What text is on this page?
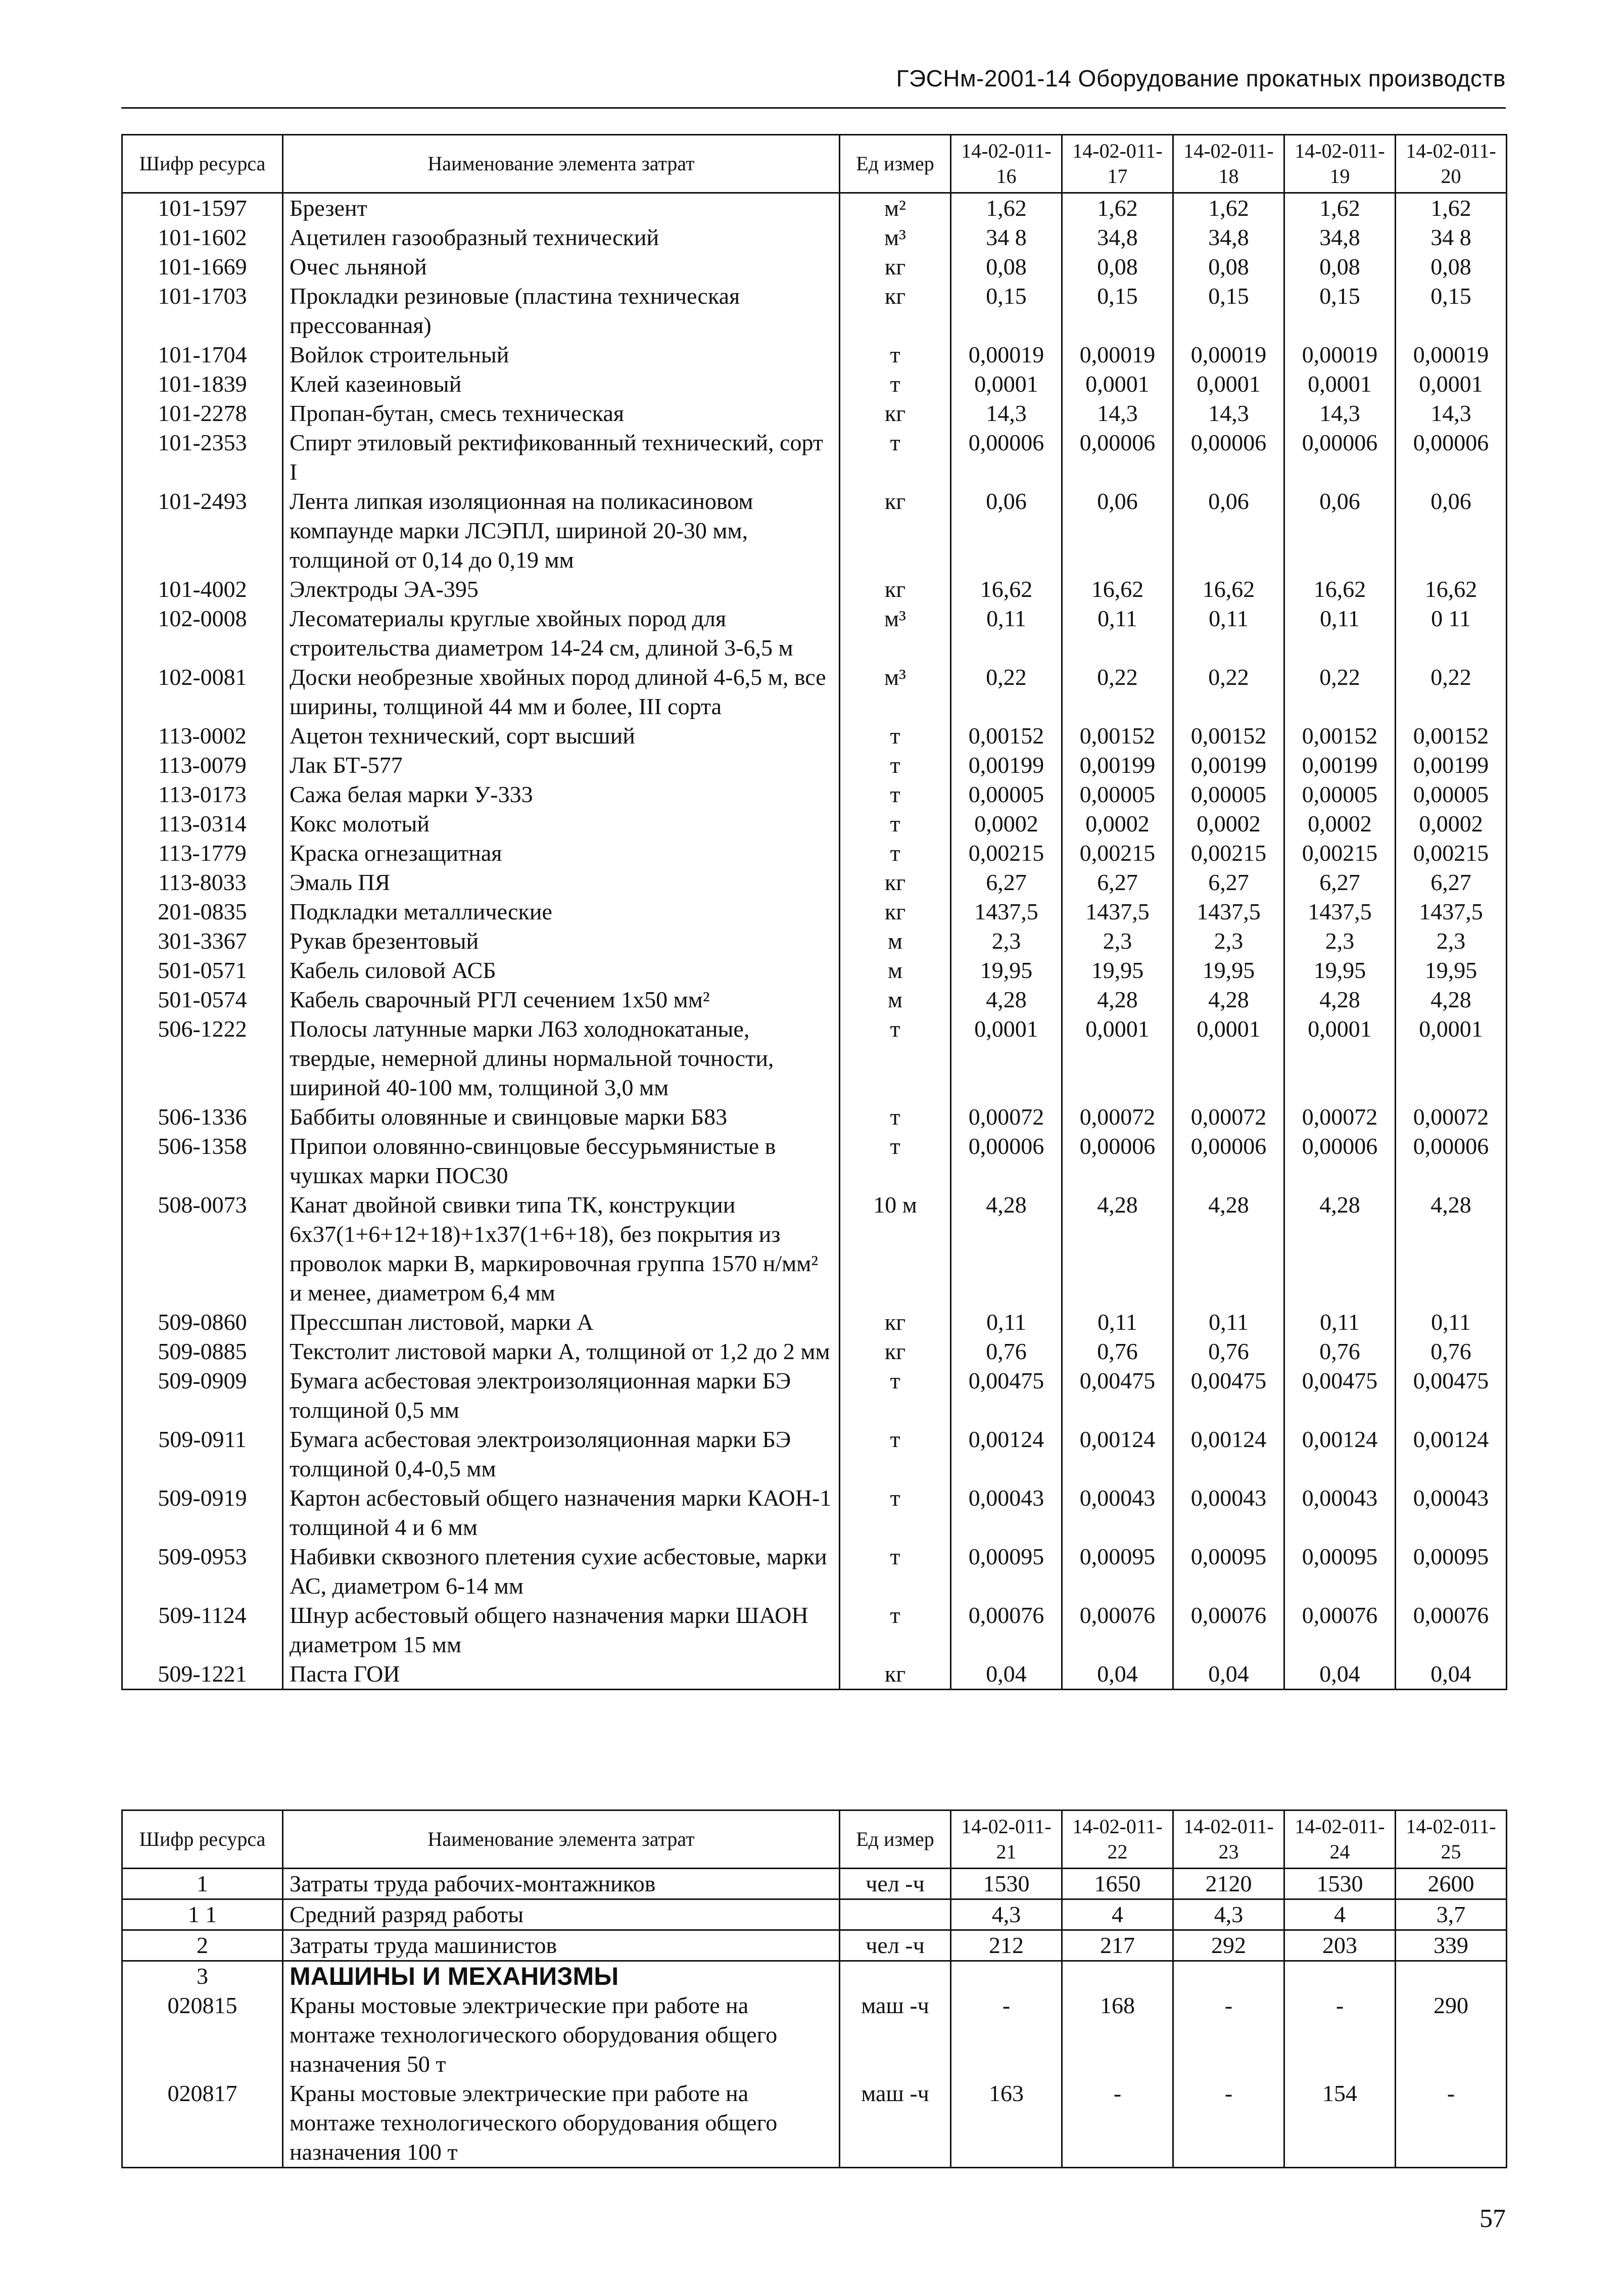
ГЭСНм-2001-14 Оборудование прокатных производств
Шифр ресурса	Наименование элемента затрат	Ед измер	14-02-011-16	14-02-011-17	14-02-011-18	14-02-011-19	14-02-011-20
101-1597	Брезент	м²	1,62	1,62	1,62	1,62	1,62
101-1602	Ацетилен газообразный технический	м³	34 8	34,8	34,8	34,8	34 8
101-1669	Очес льняной	кг	0,08	0,08	0,08	0,08	0,08
101-1703	Прокладки резиновые (пластина техническая прессованная)	кг	0,15	0,15	0,15	0,15	0,15
101-1704	Войлок строительный	т	0,00019	0,00019	0,00019	0,00019	0,00019
101-1839	Клей казеиновый	т	0,0001	0,0001	0,0001	0,0001	0,0001
101-2278	Пропан-бутан, смесь техническая	кг	14,3	14,3	14,3	14,3	14,3
101-2353	Спирт этиловый ректификованный технический, сорт I	т	0,00006	0,00006	0,00006	0,00006	0,00006
101-2493	Лента липкая изоляционная на поликасиновом компаунде марки ЛСЭПЛ, шириной 20-30 мм, толщиной от 0,14 до 0,19 мм	кг	0,06	0,06	0,06	0,06	0,06
101-4002	Электроды ЭА-395	кг	16,62	16,62	16,62	16,62	16,62
102-0008	Лесоматериалы круглые хвойных пород для строительства диаметром 14-24 см, длиной 3-6,5 м	м³	0,11	0,11	0,11	0,11	0 11
102-0081	Доски необрезные хвойных пород длиной 4-6,5 м, все ширины, толщиной 44 мм и более, III сорта	м³	0,22	0,22	0,22	0,22	0,22
113-0002	Ацетон технический, сорт высший	т	0,00152	0,00152	0,00152	0,00152	0,00152
113-0079	Лак БТ-577	т	0,00199	0,00199	0,00199	0,00199	0,00199
113-0173	Сажа белая марки У-333	т	0,00005	0,00005	0,00005	0,00005	0,00005
113-0314	Кокс молотый	т	0,0002	0,0002	0,0002	0,0002	0,0002
113-1779	Краска огнезащитная	т	0,00215	0,00215	0,00215	0,00215	0,00215
113-8033	Эмаль ПЯ	кг	6,27	6,27	6,27	6,27	6,27
201-0835	Подкладки металлические	кг	1437,5	1437,5	1437,5	1437,5	1437,5
301-3367	Рукав брезентовый	м	2,3	2,3	2,3	2,3	2,3
501-0571	Кабель силовой АСБ	м	19,95	19,95	19,95	19,95	19,95
501-0574	Кабель сварочный РГЛ сечением 1х50 мм²	м	4,28	4,28	4,28	4,28	4,28
506-1222	Полосы латунные марки Л63 холоднокатаные, твердые, немерной длины нормальной точности, шириной 40-100 мм, толщиной 3,0 мм	т	0,0001	0,0001	0,0001	0,0001	0,0001
506-1336	Баббиты оловянные и свинцовые марки Б83	т	0,00072	0,00072	0,00072	0,00072	0,00072
506-1358	Припои оловянно-свинцовые бессурьмянистые в чушках марки ПОС30	т	0,00006	0,00006	0,00006	0,00006	0,00006
508-0073	Канат двойной свивки типа ТК, конструкции 6х37(1+6+12+18)+1х37(1+6+18), без покрытия из проволок марки В, маркировочная группа 1570 н/мм² и менее, диаметром 6,4 мм	10 м	4,28	4,28	4,28	4,28	4,28
509-0860	Прессшпан листовой, марки А	кг	0,11	0,11	0,11	0,11	0,11
509-0885	Текстолит листовой марки А, толщиной от 1,2 до 2 мм	кг	0,76	0,76	0,76	0,76	0,76
509-0909	Бумага асбестовая электроизоляционная марки БЭ толщиной 0,5 мм	т	0,00475	0,00475	0,00475	0,00475	0,00475
509-0911	Бумага асбестовая электроизоляционная марки БЭ толщиной 0,4-0,5 мм	т	0,00124	0,00124	0,00124	0,00124	0,00124
509-0919	Картон асбестовый общего назначения марки КАОН-1 толщиной 4 и 6 мм	т	0,00043	0,00043	0,00043	0,00043	0,00043
509-0953	Набивки сквозного плетения сухие асбестовые, марки АС, диаметром 6-14 мм	т	0,00095	0,00095	0,00095	0,00095	0,00095
509-1124	Шнур асбестовый общего назначения марки ШАОН диаметром 15 мм	т	0,00076	0,00076	0,00076	0,00076	0,00076
509-1221	Паста ГОИ	кг	0,04	0,04	0,04	0,04	0,04
Шифр ресурса	Наименование элемента затрат	Ед измер	14-02-011-21	14-02-011-22	14-02-011-23	14-02-011-24	14-02-011-25
1	Затраты труда рабочих-монтажников	чел -ч	1530	1650	2120	1530	2600
1 1	Средний разряд работы		4,3	4	4,3	4	3,7
2	Затраты труда машинистов	чел -ч	212	217	292	203	339
3	МАШИНЫ И МЕХАНИЗМЫ						
020815	Краны мостовые электрические при работе на монтаже технологического оборудования общего назначения 50 т	маш -ч	-	168	-	-	290
020817	Краны мостовые электрические при работе на монтаже технологического оборудования общего назначения 100 т	маш -ч	163	-	-	154	-
57
